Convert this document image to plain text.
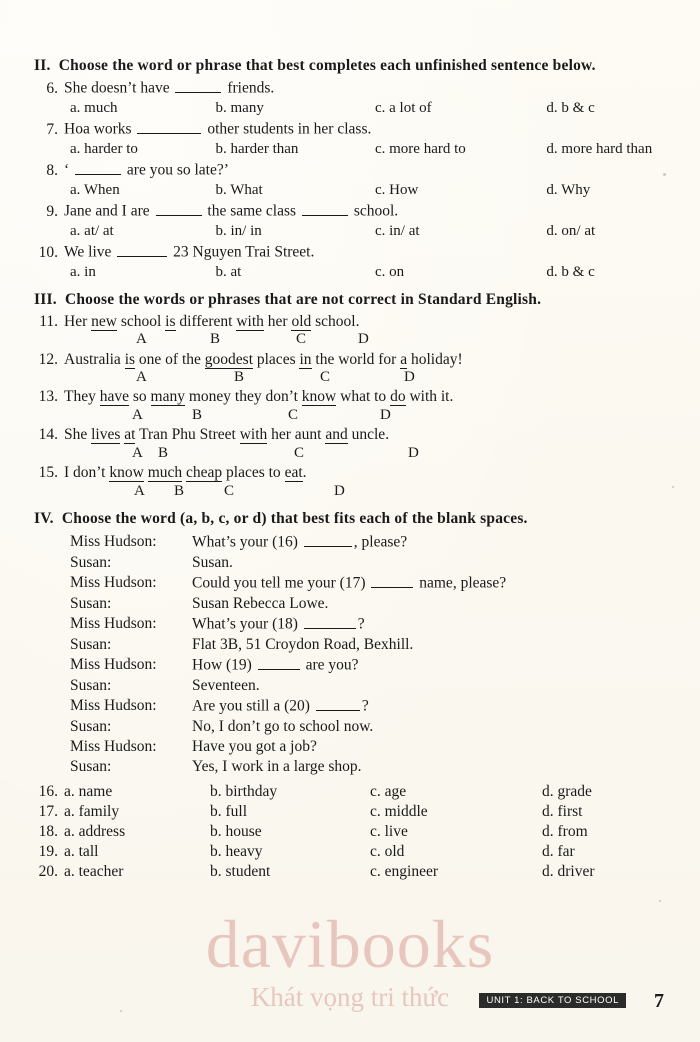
II. Choose the word or phrase that best completes each unfinished sentence below.
6. She doesn’t have	friends.
a. much	b. many	c. a lot of	d. b & c
7. Hoa works	other students in her class.
a. harder to	b. harder than	c. more hard to	d. more hard than
8. ‘	are you so late?’
a. When	b. What	c. How	d. Why
9. Jane and I are	the same class	school.
a. at/ at	b. in/ in	c. in/ at	d. on/ at
10. We live	23 Nguyen Trai Street.
a. in	b. at	c. on	d. b & c
III. Choose the words or phrases that are not correct in Standard English.
11. Her new school is different with her old school.
A	B	C	D
12. Australia is one of the goodest places in the world for a holiday!
A	B	C	D
13. They have so many money they don’t know what to do with it.
A	B	C	D
14. She lives at Tran Phu Street with her aunt and uncle.
A B	C	D
15. I don’t know much cheap places to eat.
A	B	C	D
IV. Choose the word (a, b, c, or d) that best fits each of the blank spaces.
Miss Hudson:	What’s your (16)	, please?
Susan:	Susan.
Miss Hudson:	Could you tell me your (17)	name, please?
Susan:	Susan Rebecca Lowe.
Miss Hudson:	What’s your (18)	?
Susan:	Flat 3B, 51 Croydon Road, Bexhill.
Miss Hudson:	How (19)	are you?
Susan:	Seventeen.
Miss Hudson:	Are you still a (20)	?
Susan:	No, I don’t go to school now.
Miss Hudson:	Have you got a job?
Susan:	Yes, I work in a large shop.
16. a. name	b. birthday	c. age	d. grade
17. a. family	b. full	c. middle	d. first
18. a. address	b. house	c. live	d. from
19. a. tall	b. heavy	c. old	d. far
20. a. teacher	b. student	c. engineer	d. driver
davibooks
Khát vọng tri thức	UNIT 1: BACK TO SCHOOL	7
